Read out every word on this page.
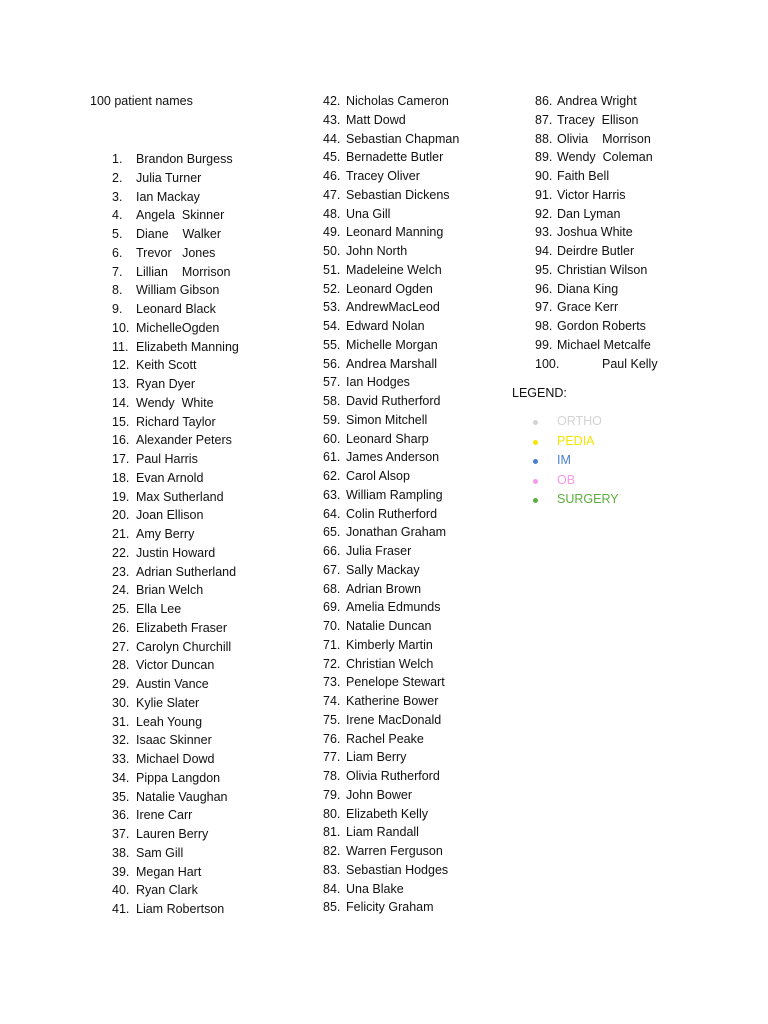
100 patient names
1. Brandon Burgess
2. Julia Turner
3. Ian Mackay
4. Angela  Skinner
5. Diane    Walker
6. Trevor   Jones
7. Lillian    Morrison
8. William Gibson
9. Leonard Black
10. MichelleOgden
11. Elizabeth Manning
12. Keith Scott
13. Ryan Dyer
14. Wendy  White
15. Richard Taylor
16. Alexander Peters
17. Paul Harris
18. Evan Arnold
19. Max Sutherland
20. Joan Ellison
21. Amy Berry
22. Justin Howard
23. Adrian Sutherland
24. Brian Welch
25. Ella Lee
26. Elizabeth Fraser
27. Carolyn Churchill
28. Victor Duncan
29. Austin Vance
30. Kylie Slater
31. Leah Young
32. Isaac Skinner
33. Michael Dowd
34. Pippa Langdon
35. Natalie Vaughan
36. Irene Carr
37. Lauren Berry
38. Sam Gill
39. Megan Hart
40. Ryan Clark
41. Liam Robertson
42. Nicholas Cameron
43. Matt Dowd
44. Sebastian Chapman
45. Bernadette Butler
46. Tracey Oliver
47. Sebastian Dickens
48. Una Gill
49. Leonard Manning
50. John North
51. Madeleine Welch
52. Leonard Ogden
53. AndrewMacLeod
54. Edward Nolan
55. Michelle Morgan
56. Andrea Marshall
57. Ian Hodges
58. David Rutherford
59. Simon Mitchell
60. Leonard Sharp
61. James Anderson
62. Carol Alsop
63. William Rampling
64. Colin Rutherford
65. Jonathan Graham
66. Julia Fraser
67. Sally Mackay
68. Adrian Brown
69. Amelia Edmunds
70. Natalie Duncan
71. Kimberly Martin
72. Christian Welch
73. Penelope Stewart
74. Katherine Bower
75. Irene MacDonald
76. Rachel Peake
77. Liam Berry
78. Olivia Rutherford
79. John Bower
80. Elizabeth Kelly
81. Liam Randall
82. Warren Ferguson
83. Sebastian Hodges
84. Una Blake
85. Felicity Graham
86. Andrea Wright
87. Tracey  Ellison
88. Olivia    Morrison
89. Wendy  Coleman
90. Faith Bell
91. Victor Harris
92. Dan Lyman
93. Joshua White
94. Deirdre Butler
95. Christian Wilson
96. Diana King
97. Grace Kerr
98. Gordon Roberts
99. Michael Metcalfe
100.	Paul Kelly
LEGEND:
ORTHO
PEDIA
IM
OB
SURGERY
